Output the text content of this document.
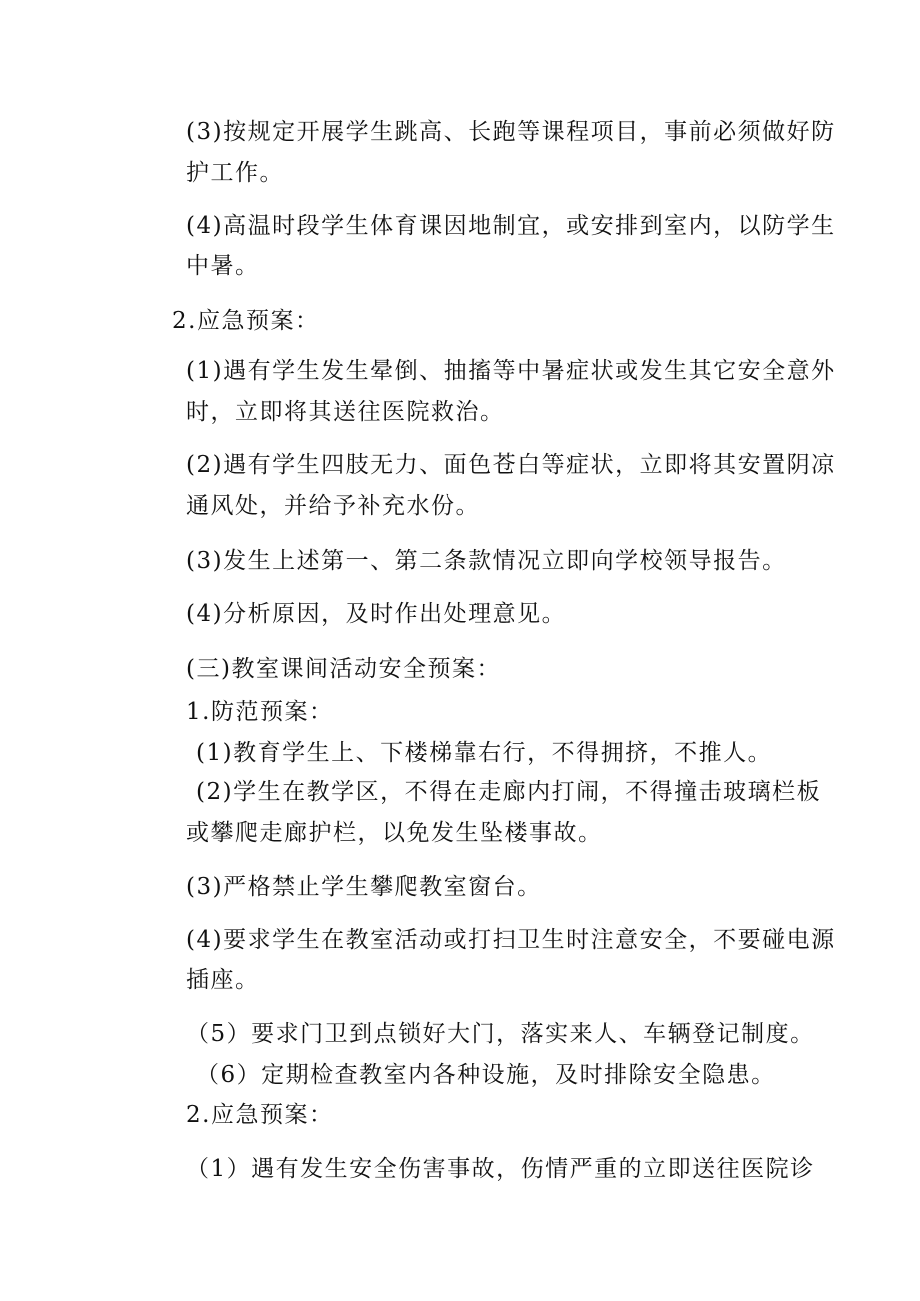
(3)按规定开展学生跳高、长跑等课程项目，事前必须做好防
护工作。
(4)高温时段学生体育课因地制宜，或安排到室内，以防学生
中暑。
2.应急预案：
(1)遇有学生发生晕倒、抽搐等中暑症状或发生其它安全意外
时，立即将其送往医院救治。
(2)遇有学生四肢无力、面色苍白等症状，立即将其安置阴凉
通风处，并给予补充水份。
(3)发生上述第一、第二条款情况立即向学校领导报告。
(4)分析原因，及时作出处理意见。
(三)教室课间活动安全预案：
1.防范预案：
(1)教育学生上、下楼梯靠右行，不得拥挤，不推人。
(2)学生在教学区，不得在走廊内打闹，不得撞击玻璃栏板
或攀爬走廊护栏，以免发生坠楼事故。
(3)严格禁止学生攀爬教室窗台。
(4)要求学生在教室活动或打扫卫生时注意安全，不要碰电源
插座。
（5）要求门卫到点锁好大门，落实来人、车辆登记制度。
（6）定期检查教室内各种设施，及时排除安全隐患。
2.应急预案：
（1）遇有发生安全伤害事故，伤情严重的立即送往医院诊
